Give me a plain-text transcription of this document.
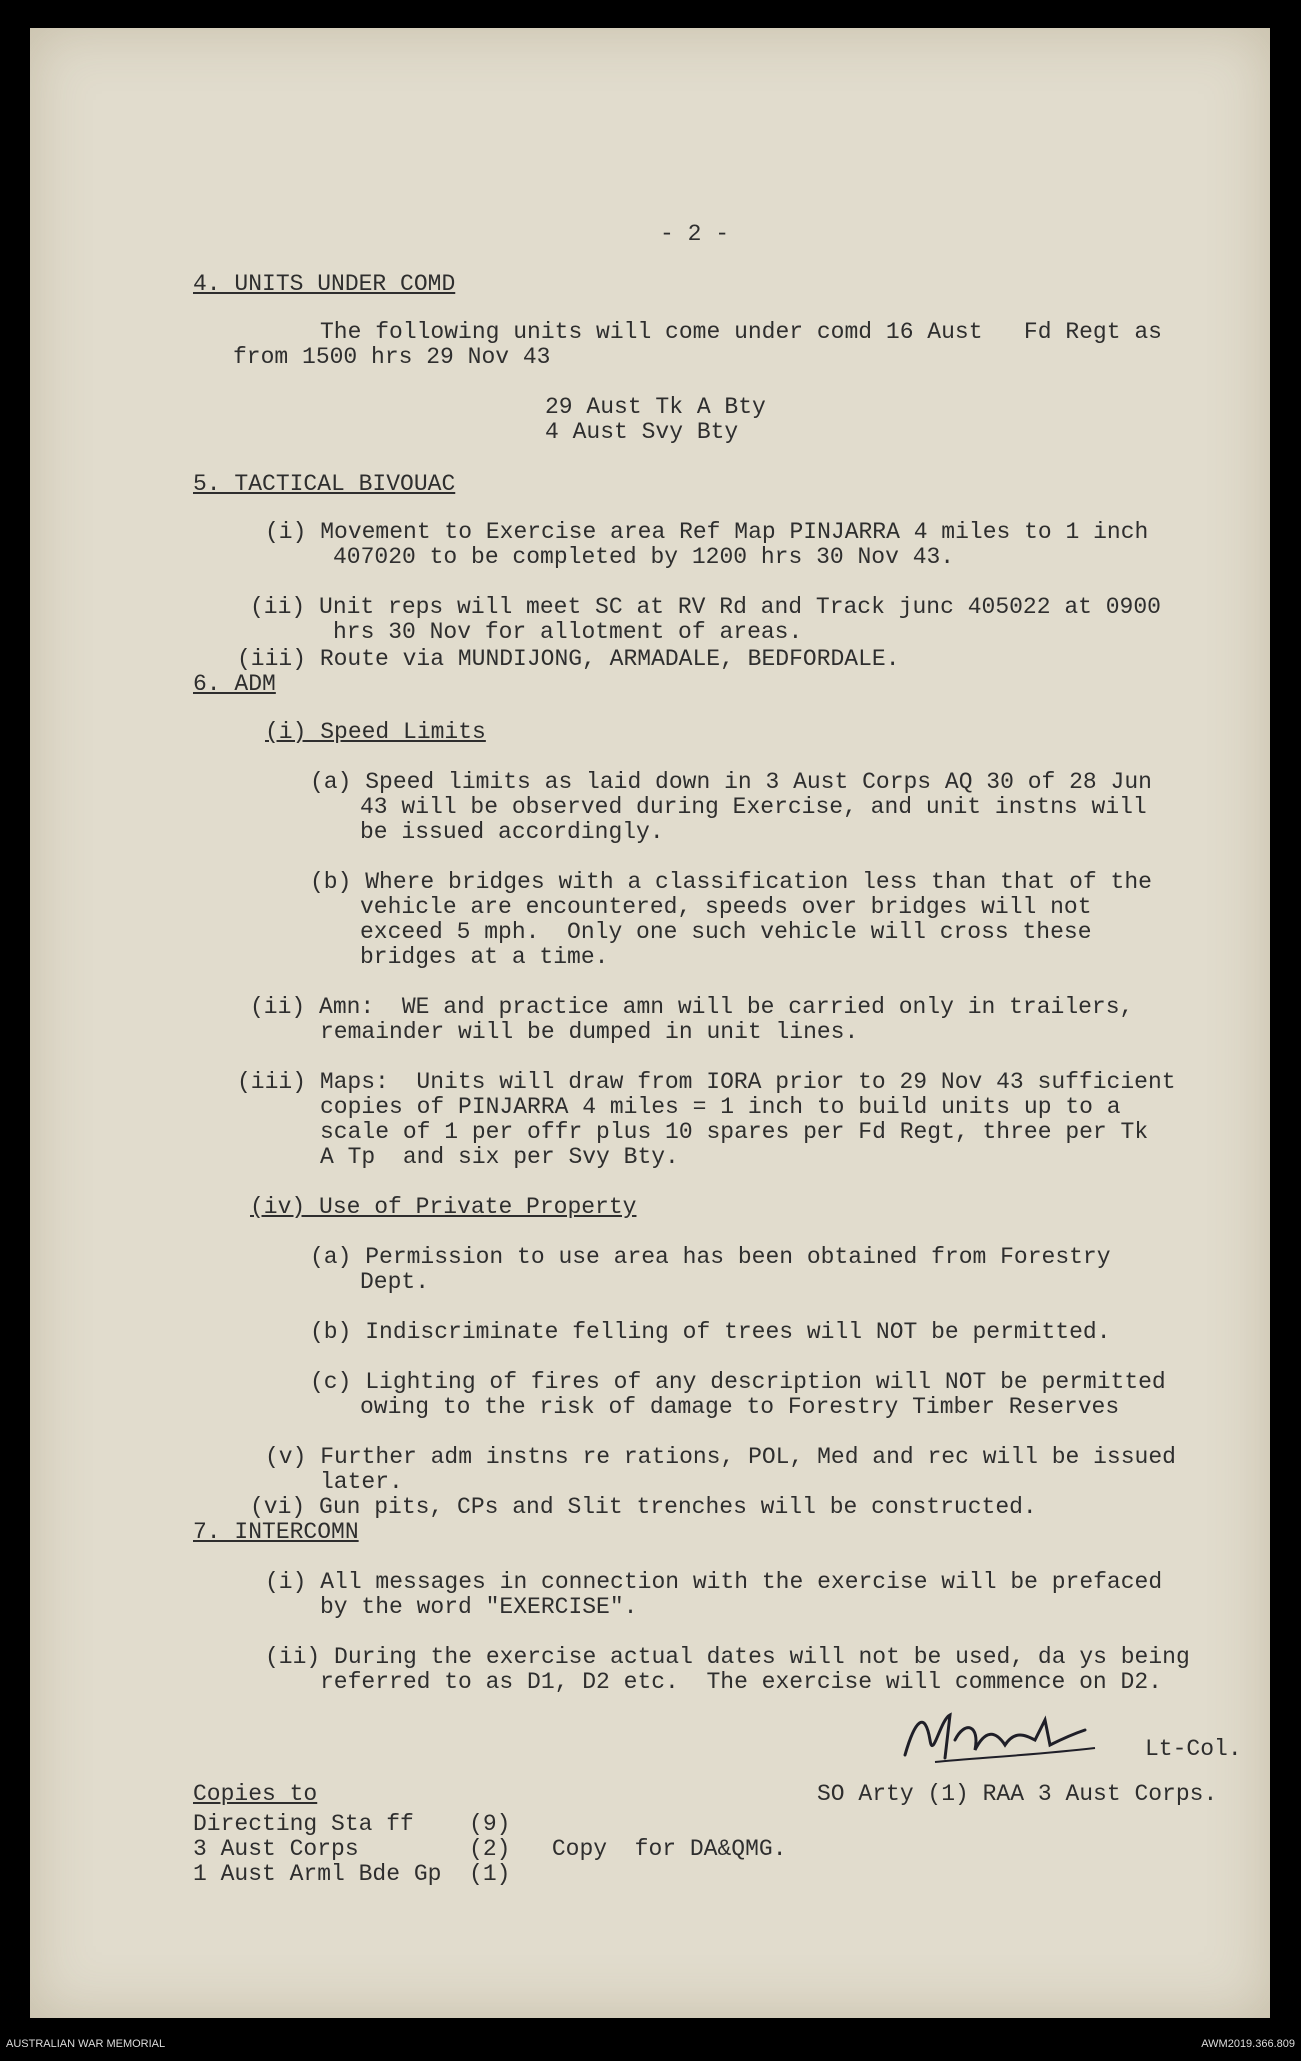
- 2 -
4. UNITS UNDER COMD
The following units will come under comd 16 Aust   Fd Regt as
from 1500 hrs 29 Nov 43
29 Aust Tk A Bty
4 Aust Svy Bty
5. TACTICAL BIVOUAC
(i) Movement to Exercise area Ref Map PINJARRA 4 miles to 1 inch
407020 to be completed by 1200 hrs 30 Nov 43.
(ii) Unit reps will meet SC at RV Rd and Track junc 405022 at 0900
hrs 30 Nov for allotment of areas.
(iii) Route via MUNDIJONG, ARMADALE, BEDFORDALE.
6. ADM
(i) Speed Limits
(a) Speed limits as laid down in 3 Aust Corps AQ 30 of 28 Jun
43 will be observed during Exercise, and unit instns will
be issued accordingly.
(b) Where bridges with a classification less than that of the
vehicle are encountered, speeds over bridges will not
exceed 5 mph.  Only one such vehicle will cross these
bridges at a time.
(ii) Amn:  WE and practice amn will be carried only in trailers,
remainder will be dumped in unit lines.
(iii) Maps:  Units will draw from IORA prior to 29 Nov 43 sufficient
copies of PINJARRA 4 miles = 1 inch to build units up to a
scale of 1 per offr plus 10 spares per Fd Regt, three per Tk
A Tp  and six per Svy Bty.
(iv) Use of Private Property
(a) Permission to use area has been obtained from Forestry
Dept.
(b) Indiscriminate felling of trees will NOT be permitted.
(c) Lighting of fires of any description will NOT be permitted
owing to the risk of damage to Forestry Timber Reserves
(v) Further adm instns re rations, POL, Med and rec will be issued
later.
(vi) Gun pits, CPs and Slit trenches will be constructed.
7. INTERCOMN
(i) All messages in connection with the exercise will be prefaced
by the word "EXERCISE".
(ii) During the exercise actual dates will not be used, da ys being
referred to as D1, D2 etc.  The exercise will commence on D2.
Lt-Col.
SO Arty (1) RAA 3 Aust Corps.
Copies to
Directing Sta ff    (9)
3 Aust Corps        (2)   Copy  for DA&QMG.
1 Aust Arml Bde Gp  (1)
AUSTRALIAN WAR MEMORIAL	AWM2019.366.809
